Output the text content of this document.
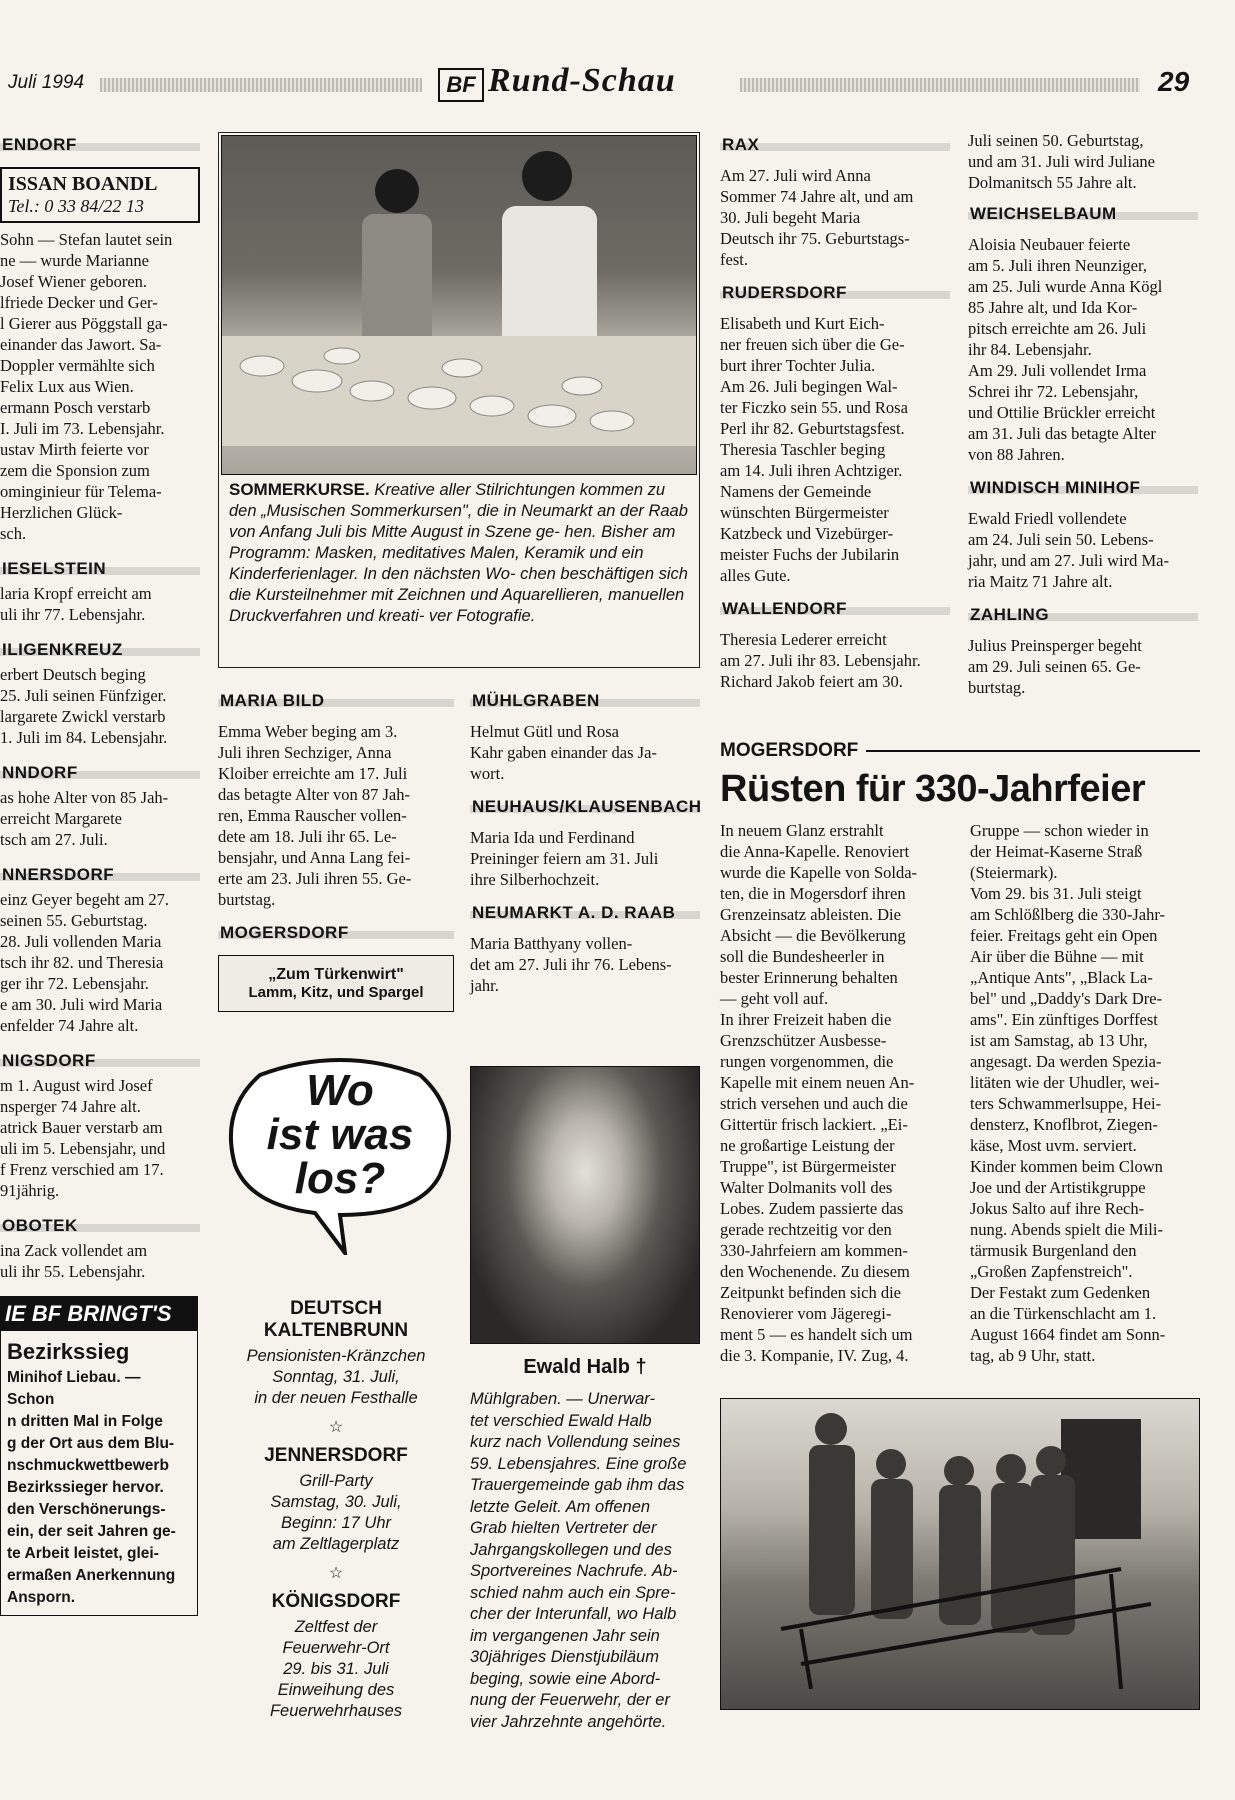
Juli 1994	BF Rund-Schau	29
ENDORF
ISSAN BOANDL
Tel.: 0 33 84/22 13
Sohn — Stefan lautet sein
ne — wurde Marianne
Josef Wiener geboren.
lfriede Decker und Ger-
l Gierer aus Pöggstall ga-
einander das Jawort. Sa-
Doppler vermählte sich
Felix Lux aus Wien.
ermann Posch verstarb
I. Juli im 73. Lebensjahr.
ustav Mirth feierte vor
zem die Sponsion zum
ominginieur für Telema-
Herzlichen Glück-
sch.
IESELSTEIN
laria Kropf erreicht am
uli ihr 77. Lebensjahr.
ILIGENKREUZ
erbert Deutsch beging
25. Juli seinen Fünfziger.
largarete Zwickl verstarb
1. Juli im 84. Lebensjahr.
NNDORF
as hohe Alter von 85 Jah-
erreicht Margarete
tsch am 27. Juli.
NNERSDORF
einz Geyer begeht am 27.
seinen 55. Geburtstag.
28. Juli vollenden Maria
tsch ihr 82. und Theresia
ger ihr 72. Lebensjahr.
e am 30. Juli wird Maria
enfelder 74 Jahre alt.
NIGSDORF
m 1. August wird Josef
nsperger 74 Jahre alt.
atrick Bauer verstarb am
uli im 5. Lebensjahr, und
f Frenz verschied am 17.
91jährig.
OBOTEK
ina Zack vollendet am
uli ihr 55. Lebensjahr.
IE BF BRINGT'S
Bezirkssieg
Minihof Liebau. — Schon
n dritten Mal in Folge
g der Ort aus dem Blu-
nschmuckwettbewerb
Bezirkssieger hervor.
den Verschönerungs-
ein, der seit Jahren ge-
te Arbeit leistet, glei-
ermaßen Anerkennung
Ansporn.
SOMMERKURSE. Kreative aller Stilrichtungen kommen zu den „Musischen Sommerkursen", die in Neumarkt an der Raab von Anfang Juli bis Mitte August in Szene ge- hen. Bisher am Programm: Masken, meditatives Malen, Keramik und ein Kinderferienlager. In den nächsten Wo- chen beschäftigen sich die Kursteilnehmer mit Zeichnen und Aquarellieren, manuellen Druckverfahren und kreati- ver Fotografie.
MARIA BILD
Emma Weber beging am 3.
Juli ihren Sechziger, Anna
Kloiber erreichte am 17. Juli
das betagte Alter von 87 Jah-
ren, Emma Rauscher vollen-
dete am 18. Juli ihr 65. Le-
bensjahr, und Anna Lang fei-
erte am 23. Juli ihren 55. Ge-
burtstag.
MOGERSDORF
„Zum Türkenwirt"
Lamm, Kitz, und Spargel
Wo
ist was
los?
DEUTSCH KALTENBRUNN
Pensionisten-Kränzchen
Sonntag, 31. Juli,
in der neuen Festhalle
☆
JENNERSDORF
Grill-Party
Samstag, 30. Juli,
Beginn: 17 Uhr
am Zeltlagerplatz
☆
KÖNIGSDORF
Zeltfest der
Feuerwehr-Ort
29. bis 31. Juli
Einweihung des
Feuerwehrhauses
MÜHLGRABEN
Helmut Gütl und Rosa
Kahr gaben einander das Ja-
wort.
NEUHAUS/KLAUSENBACH
Maria Ida und Ferdinand
Preininger feiern am 31. Juli
ihre Silberhochzeit.
NEUMARKT A. D. RAAB
Maria Batthyany vollen-
det am 27. Juli ihr 76. Lebens-
jahr.
Ewald Halb †
Mühlgraben. — Unerwar-
tet verschied Ewald Halb
kurz nach Vollendung seines
59. Lebensjahres. Eine große
Trauergemeinde gab ihm das
letzte Geleit. Am offenen
Grab hielten Vertreter der
Jahrgangskollegen und des
Sportvereines Nachrufe. Ab-
schied nahm auch ein Spre-
cher der Interunfall, wo Halb
im vergangenen Jahr sein
30jähriges Dienstjubiläum
beging, sowie eine Abord-
nung der Feuerwehr, der er
vier Jahrzehnte angehörte.
RAX
Am 27. Juli wird Anna
Sommer 74 Jahre alt, und am
30. Juli begeht Maria
Deutsch ihr 75. Geburtstags-
fest.
RUDERSDORF
Elisabeth und Kurt Eich-
ner freuen sich über die Ge-
burt ihrer Tochter Julia.
Am 26. Juli begingen Wal-
ter Ficzko sein 55. und Rosa
Perl ihr 82. Geburtstagsfest.
Theresia Taschler beging
am 14. Juli ihren Achtziger.
Namens der Gemeinde
wünschten Bürgermeister
Katzbeck und Vizebürger-
meister Fuchs der Jubilarin
alles Gute.
WALLENDORF
Theresia Lederer erreicht
am 27. Juli ihr 83. Lebensjahr.
Richard Jakob feiert am 30.
Juli seinen 50. Geburtstag,
und am 31. Juli wird Juliane
Dolmanitsch 55 Jahre alt.
WEICHSELBAUM
Aloisia Neubauer feierte
am 5. Juli ihren Neunziger,
am 25. Juli wurde Anna Kögl
85 Jahre alt, und Ida Kor-
pitsch erreichte am 26. Juli
ihr 84. Lebensjahr.
Am 29. Juli vollendet Irma
Schrei ihr 72. Lebensjahr,
und Ottilie Brückler erreicht
am 31. Juli das betagte Alter
von 88 Jahren.
WINDISCH MINIHOF
Ewald Friedl vollendete
am 24. Juli sein 50. Lebens-
jahr, und am 27. Juli wird Ma-
ria Maitz 71 Jahre alt.
ZAHLING
Julius Preinsperger begeht
am 29. Juli seinen 65. Ge-
burtstag.
MOGERSDORF
Rüsten für 330-Jahrfeier
In neuem Glanz erstrahlt
die Anna-Kapelle. Renoviert
wurde die Kapelle von Solda-
ten, die in Mogersdorf ihren
Grenzeinsatz ableisten. Die
Absicht — die Bevölkerung
soll die Bundesheerler in
bester Erinnerung behalten
— geht voll auf.
In ihrer Freizeit haben die
Grenzschützer Ausbesse-
rungen vorgenommen, die
Kapelle mit einem neuen An-
strich versehen und auch die
Gittertür frisch lackiert. „Ei-
ne großartige Leistung der
Truppe", ist Bürgermeister
Walter Dolmanits voll des
Lobes. Zudem passierte das
gerade rechtzeitig vor den
330-Jahrfeiern am kommen-
den Wochenende. Zu diesem
Zeitpunkt befinden sich die
Renovierer vom Jägeregi-
ment 5 — es handelt sich um
die 3. Kompanie, IV. Zug, 4.
Gruppe — schon wieder in
der Heimat-Kaserne Straß
(Steiermark).
Vom 29. bis 31. Juli steigt
am Schlößlberg die 330-Jahr-
feier. Freitags geht ein Open
Air über die Bühne — mit
„Antique Ants", „Black La-
bel" und „Daddy's Dark Dre-
ams". Ein zünftiges Dorffest
ist am Samstag, ab 13 Uhr,
angesagt. Da werden Spezia-
litäten wie der Uhudler, wei-
ters Schwammerlsuppe, Hei-
densterz, Knoflbrot, Ziegen-
käse, Most uvm. serviert.
Kinder kommen beim Clown
Joe und der Artistikgruppe
Jokus Salto auf ihre Rech-
nung. Abends spielt die Mili-
tärmusik Burgenland den
„Großen Zapfenstreich".
Der Festakt zum Gedenken
an die Türkenschlacht am 1.
August 1664 findet am Sonn-
tag, ab 9 Uhr, statt.
